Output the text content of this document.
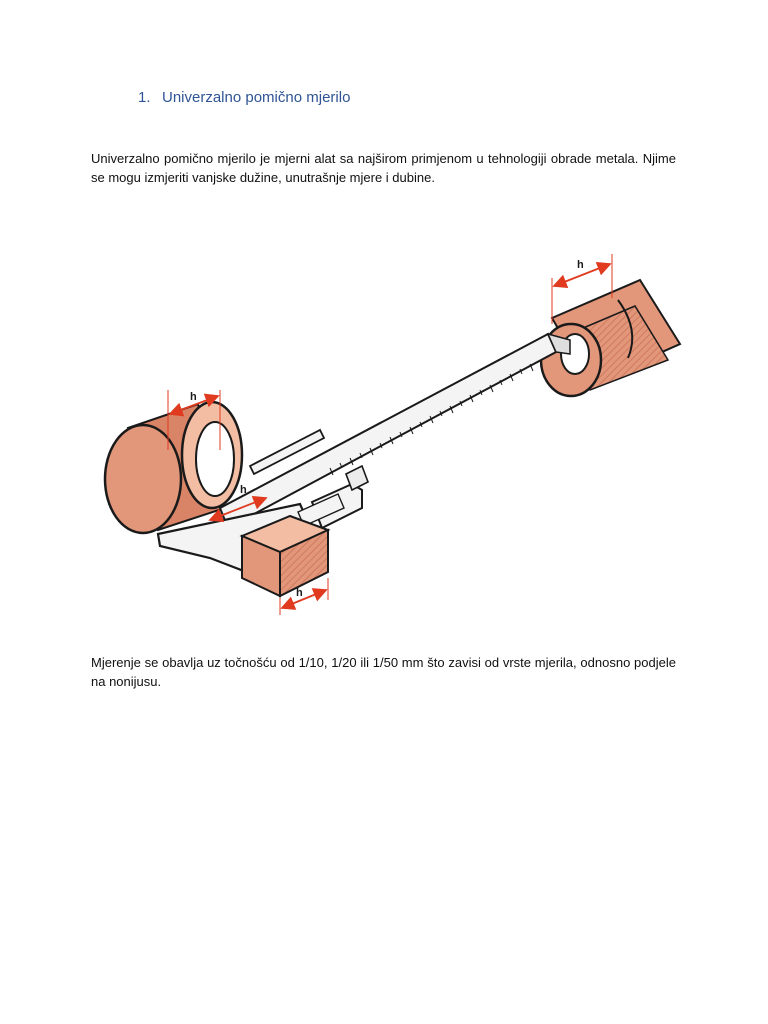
1. Univerzalno pomično mjerilo

Univerzalno pomično mjerilo je mjerni alat sa najširom primjenom u tehnologiji obrade metala. Njime se mogu izmjeriti vanjske dužine, unutrašnje mjere i dubine.

h
h
h
h

Mjerenje se obavlja uz točnošću od 1/10, 1/20 ili 1/50 mm što zavisi od vrste mjerila, odnosno podjele na nonijusu.
